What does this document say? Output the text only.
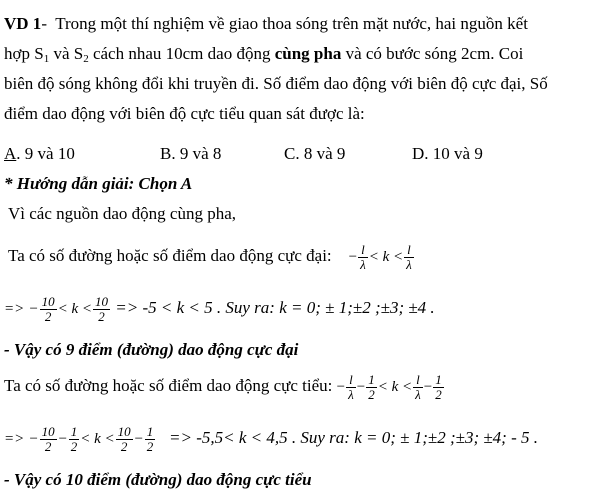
VD 1- Trong một thí nghiệm về giao thoa sóng trên mặt nước, hai nguồn kết
hợp $S_1$ và $S_2$ cách nhau 10cm dao động cùng pha và có bước sóng 2cm. Coi
biên độ sóng không đổi khi truyền đi. Số điểm dao động với biên độ cực đại, Số
điểm dao động với biên độ cực tiểu quan sát được là:
A. 9 và 10	B. 9 và 8	C. 8 và 9	D. 10 và 9
* Hướng dẫn giải: Chọn A
Vì các nguồn dao động cùng pha,
Ta có số đường hoặc số điểm dao động cực đại: − $\frac{l}{\lambda} < k < \frac{l}{\lambda}$
=> − $\frac{10}{2} < k < \frac{10}{2} => -5 < k < 5$ . Suy ra: k = 0; ± 1;±2 ;±3; ±4 .
- Vậy có 9 điểm (đường) dao động cực đại
Ta có số đường hoặc số điểm dao động cực tiểu: − $\frac{l}{\lambda} - \frac{1}{2} < k < \frac{l}{\lambda} - \frac{1}{2}$
=> − $\frac{10}{2} - \frac{1}{2} < k < \frac{10}{2} - \frac{1}{2} => -5,5< k < 4,5$ . Suy ra: k = 0; ± 1;±2 ;±3; ±4; - 5 .
- Vậy có 10 điểm (đường) dao động cực tiểu
